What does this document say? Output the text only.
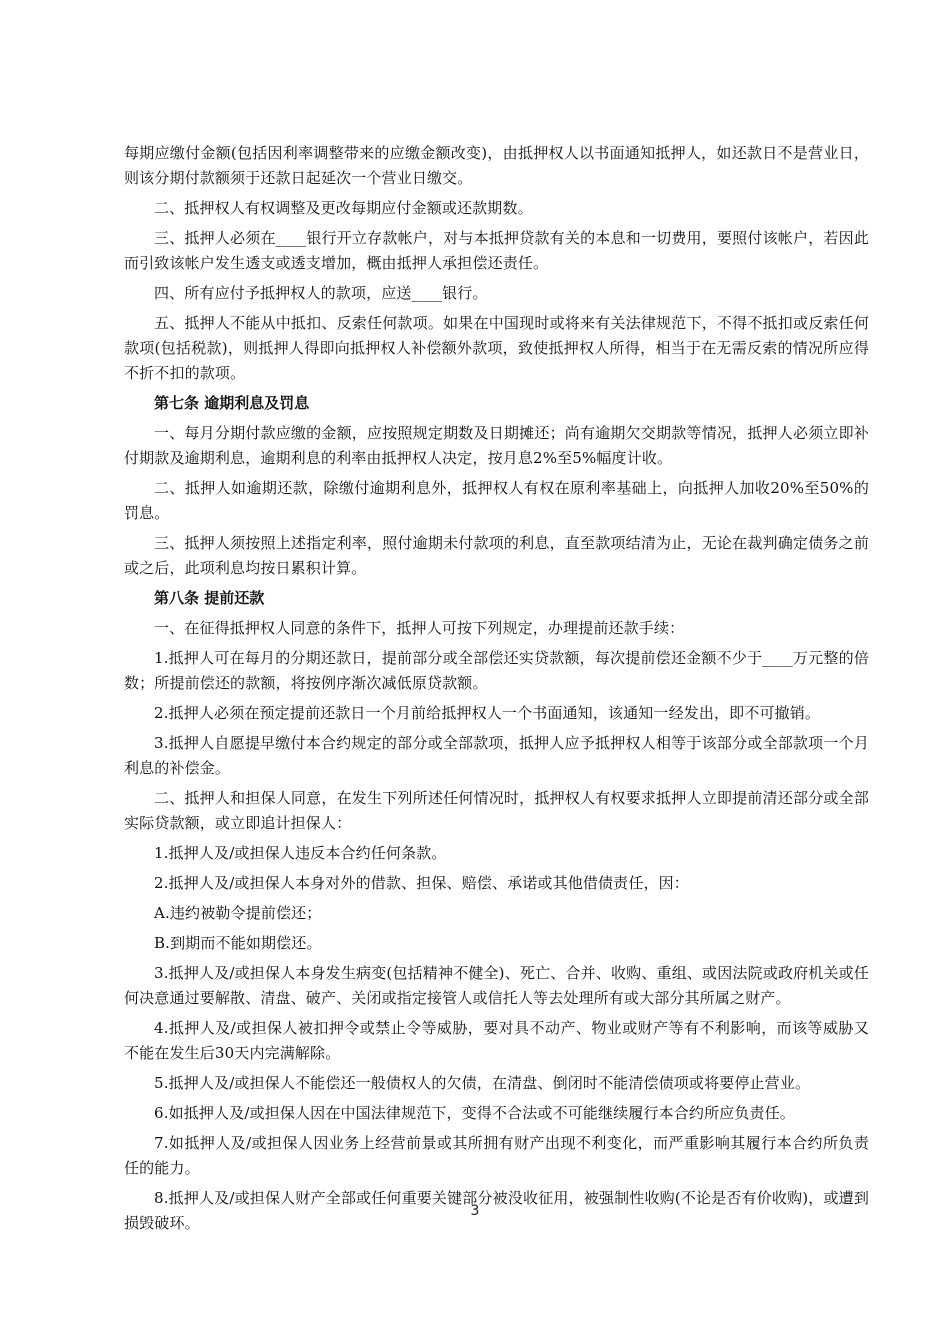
每期应缴付金额(包括因利率调整带来的应缴金额改变)，由抵押权人以书面通知抵押人，如还款日不是营业日，则该分期付款额须于还款日起延次一个营业日缴交。

二、抵押权人有权调整及更改每期应付金额或还款期数。

三、抵押人必须在____银行开立存款帐户，对与本抵押贷款有关的本息和一切费用，要照付该帐户，若因此而引致该帐户发生透支或透支增加，概由抵押人承担偿还责任。

四、所有应付予抵押权人的款项，应送____银行。

五、抵押人不能从中抵扣、反索任何款项。如果在中国现时或将来有关法律规范下，不得不抵扣或反索任何款项(包括税款)，则抵押人得即向抵押权人补偿额外款项，致使抵押权人所得，相当于在无需反索的情况所应得不折不扣的款项。

第七条 逾期利息及罚息

一、每月分期付款应缴的金额，应按照规定期数及日期摊还；尚有逾期欠交期款等情况，抵押人必须立即补付期款及逾期利息，逾期利息的利率由抵押权人决定，按月息2%至5%幅度计收。

二、抵押人如逾期还款，除缴付逾期利息外，抵押权人有权在原利率基础上，向抵押人加收20%至50%的罚息。

三、抵押人须按照上述指定利率，照付逾期未付款项的利息，直至款项结清为止，无论在裁判确定债务之前或之后，此项利息均按日累积计算。

第八条 提前还款

一、在征得抵押权人同意的条件下，抵押人可按下列规定，办理提前还款手续：

1.抵押人可在每月的分期还款日，提前部分或全部偿还实贷款额，每次提前偿还金额不少于____万元整的倍数；所提前偿还的款额，将按例序渐次减低原贷款额。

2.抵押人必须在预定提前还款日一个月前给抵押权人一个书面通知，该通知一经发出，即不可撤销。

3.抵押人自愿提早缴付本合约规定的部分或全部款项，抵押人应予抵押权人相等于该部分或全部款项一个月利息的补偿金。

二、抵押人和担保人同意，在发生下列所述任何情况时，抵押权人有权要求抵押人立即提前清还部分或全部实际贷款额，或立即追计担保人：

1.抵押人及/或担保人违反本合约任何条款。

2.抵押人及/或担保人本身对外的借款、担保、赔偿、承诺或其他借债责任，因：

A.违约被勒令提前偿还；

B.到期而不能如期偿还。

3.抵押人及/或担保人本身发生病变(包括精神不健全)、死亡、合并、收购、重组、或因法院或政府机关或任何决意通过要解散、清盘、破产、关闭或指定接管人或信托人等去处理所有或大部分其所属之财产。

4.抵押人及/或担保人被扣押令或禁止令等威胁，要对具不动产、物业或财产等有不利影响，而该等威胁又不能在发生后30天内完满解除。

5.抵押人及/或担保人不能偿还一般债权人的欠债，在清盘、倒闭时不能清偿债项或将要停止营业。

6.如抵押人及/或担保人因在中国法律规范下，变得不合法或不可能继续履行本合约所应负责任。

7.如抵押人及/或担保人因业务上经营前景或其所拥有财产出现不利变化，而严重影响其履行本合约所负责任的能力。

8.抵押人及/或担保人财产全部或任何重要关键部分被没收征用，被强制性收购(不论是否有价收购)，或遭到损毁破环。

3
